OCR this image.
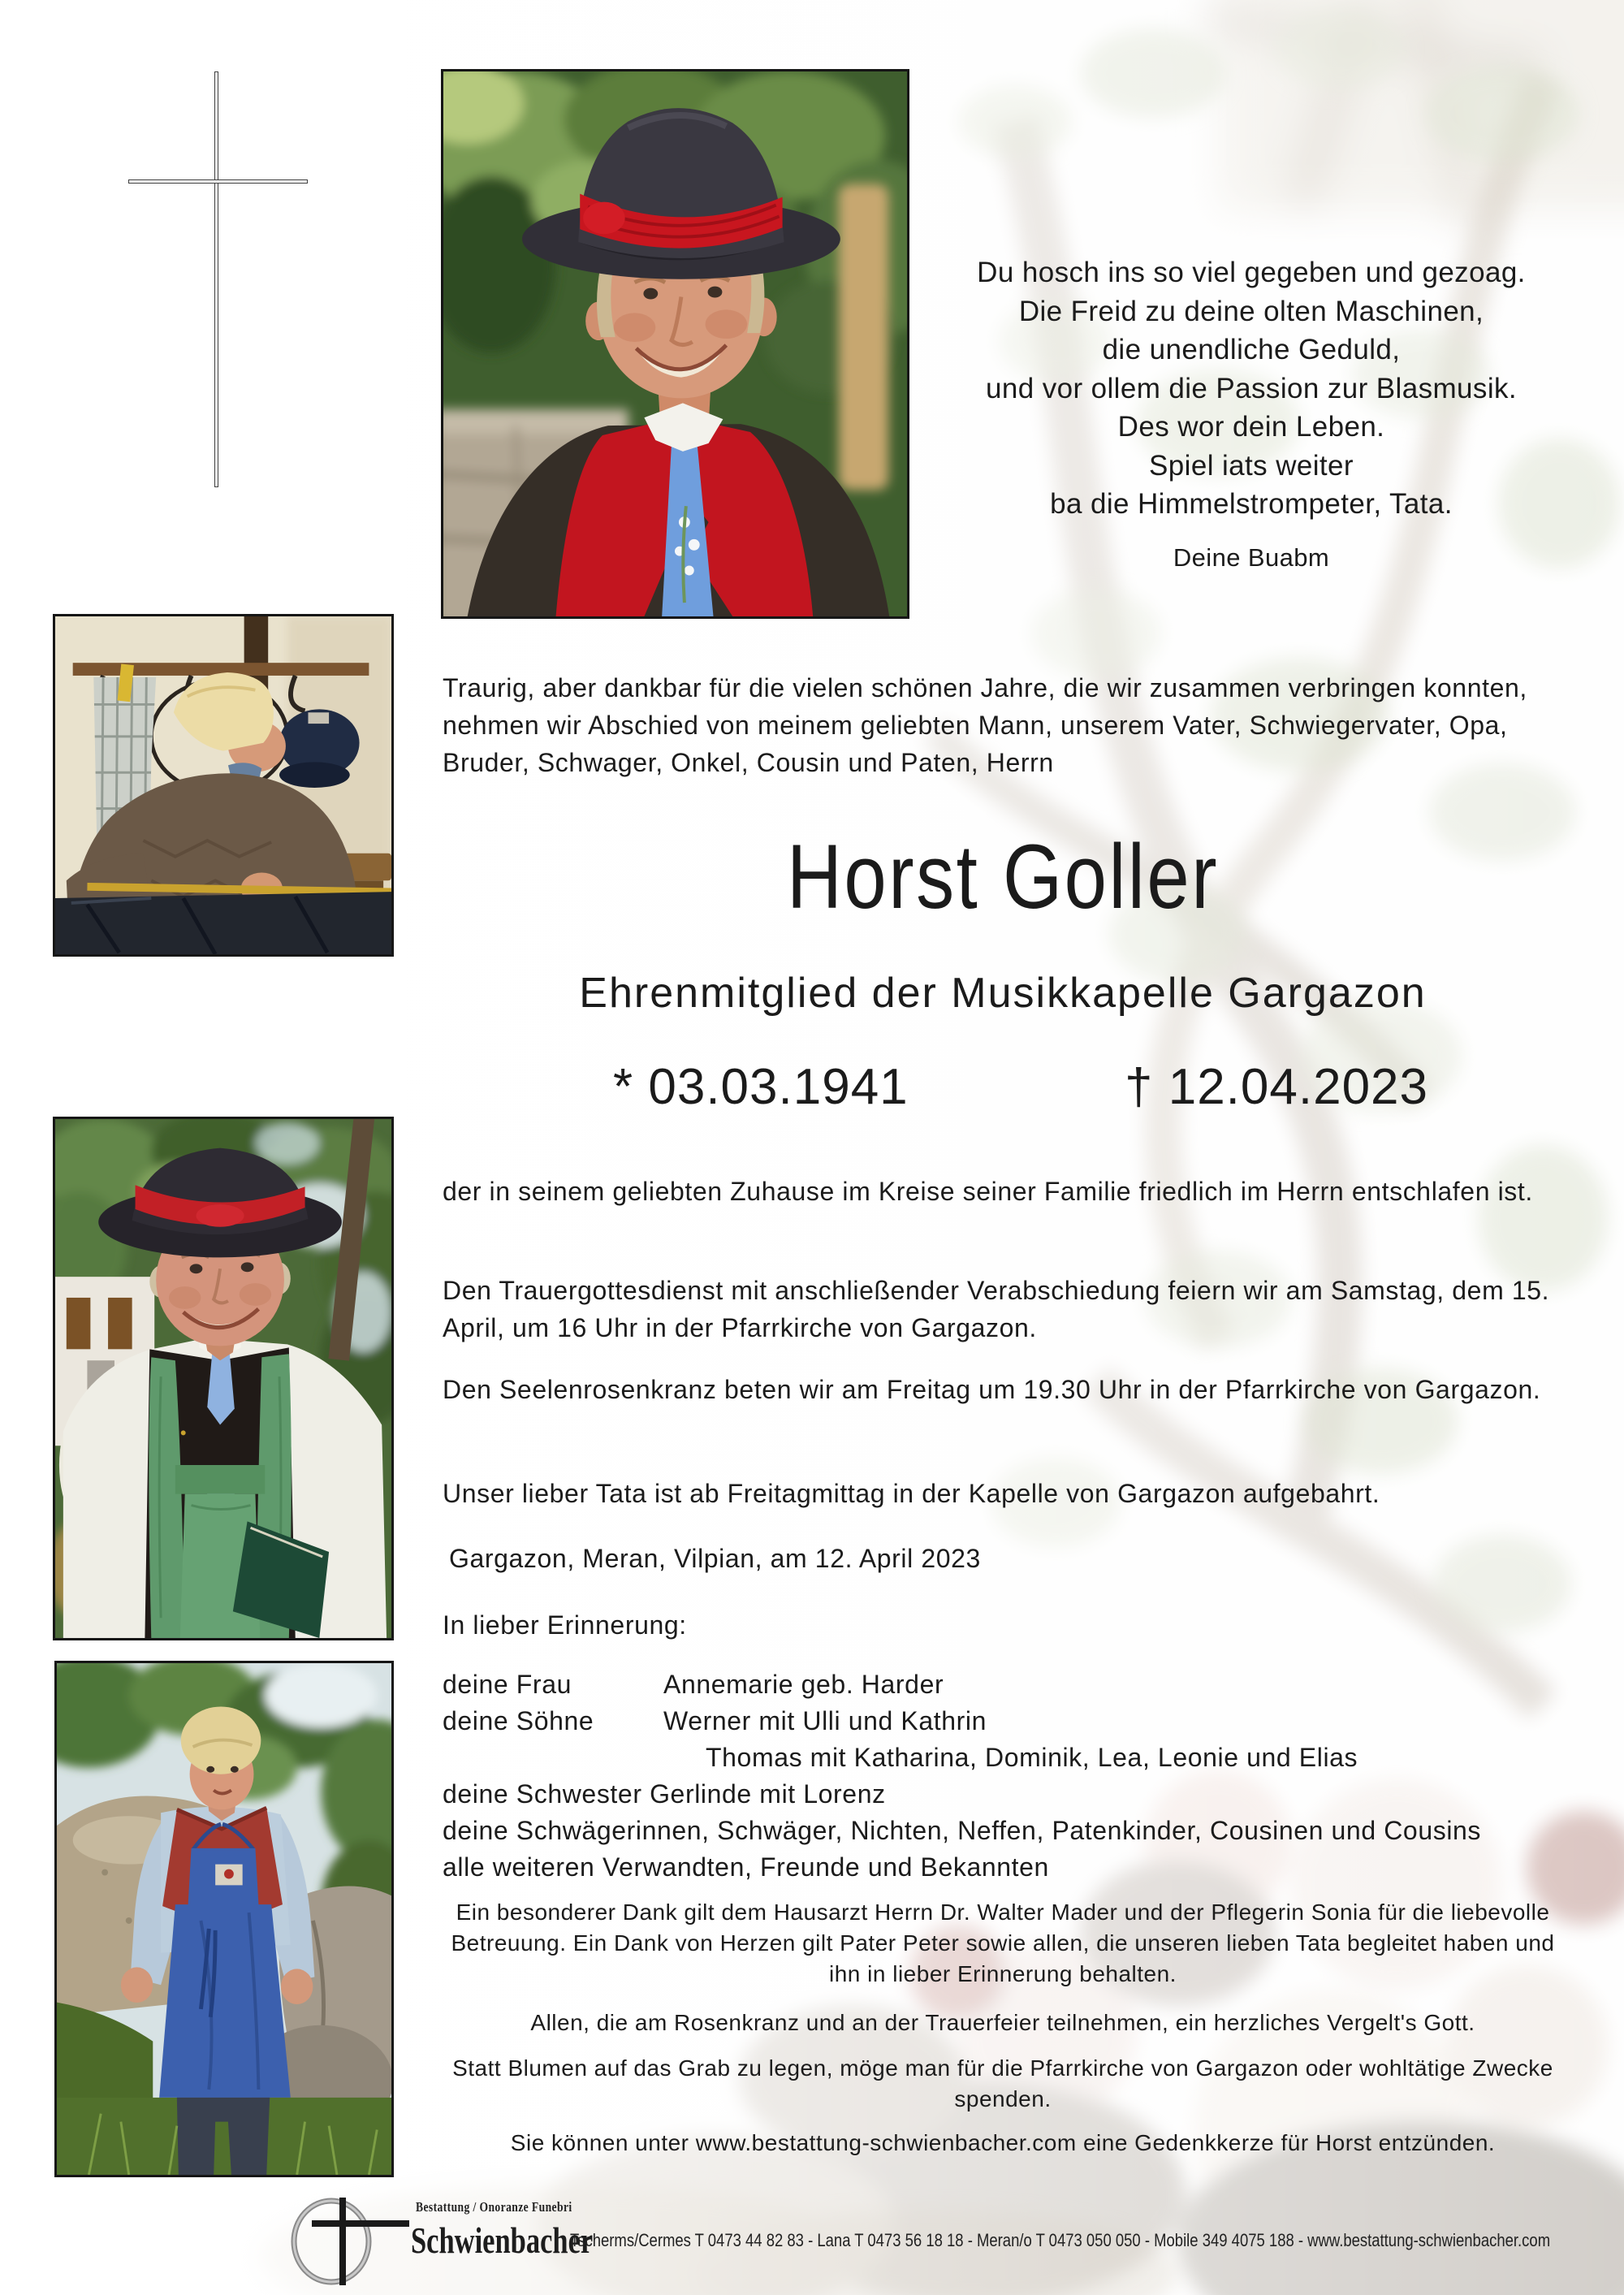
Du hosch ins so viel gegeben und gezoag.
Die Freid zu deine olten Maschinen,
die unendliche Geduld,
und vor ollem die Passion zur Blasmusik.
Des wor dein Leben.
Spiel iats weiter
ba die Himmelstrompeter, Tata.
Deine Buabm

Traurig, aber dankbar für die vielen schönen Jahre, die wir zusammen verbringen konnten, nehmen wir Abschied von meinem geliebten Mann, unserem Vater, Schwiegervater, Opa, Bruder, Schwager, Onkel, Cousin und Paten, Herrn

Horst Goller
Ehrenmitglied der Musikkapelle Gargazon
* 03.03.1941	† 12.04.2023

der in seinem geliebten Zuhause im Kreise seiner Familie friedlich im Herrn entschlafen ist.

Den Trauergottesdienst mit anschließender Verabschiedung feiern wir am Samstag, dem 15. April, um 16 Uhr in der Pfarrkirche von Gargazon.

Den Seelenrosenkranz beten wir am Freitag um 19.30 Uhr in der Pfarrkirche von Gargazon.

Unser lieber Tata ist ab Freitagmittag in der Kapelle von Gargazon aufgebahrt.

Gargazon, Meran, Vilpian, am 12. April 2023

In lieber Erinnerung:

deine Frau	Annemarie geb. Harder
deine Söhne	Werner mit Ulli und Kathrin
Thomas mit Katharina, Dominik, Lea, Leonie und Elias
deine Schwester Gerlinde mit Lorenz
deine Schwägerinnen, Schwäger, Nichten, Neffen, Patenkinder, Cousinen und Cousins
alle weiteren Verwandten, Freunde und Bekannten

Ein besonderer Dank gilt dem Hausarzt Herrn Dr. Walter Mader und der Pflegerin Sonia für die liebevolle Betreuung. Ein Dank von Herzen gilt Pater Peter sowie allen, die unseren lieben Tata begleitet haben und ihn in lieber Erinnerung behalten.

Allen, die am Rosenkranz und an der Trauerfeier teilnehmen, ein herzliches Vergelt's Gott.

Statt Blumen auf das Grab zu legen, möge man für die Pfarrkirche von Gargazon oder wohltätige Zwecke spenden.

Sie können unter www.bestattung-schwienbacher.com eine Gedenkkerze für Horst entzünden.

Bestattung / Onoranze Funebri
Schwienbacher
Tscherms/Cermes T 0473 44 82 83 - Lana T 0473 56 18 18 - Meran/o T 0473 050 050 - Mobile 349 4075 188 - www.bestattung-schwienbacher.com
